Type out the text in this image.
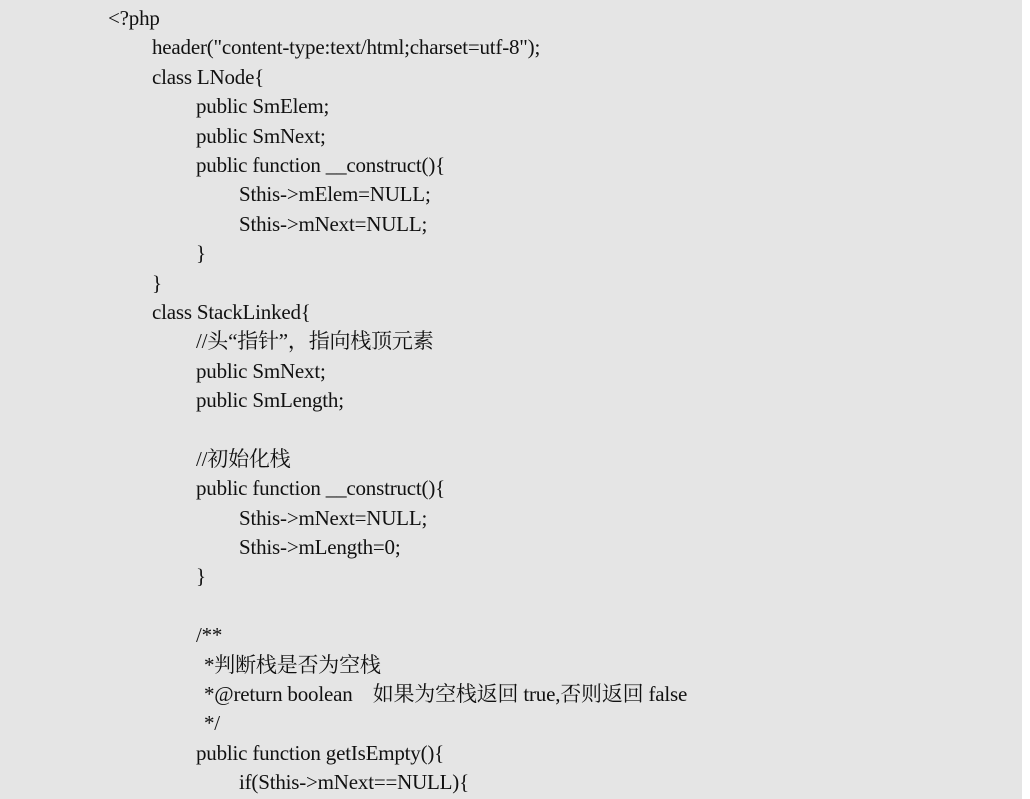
<?php
header("content-type:text/html;charset=utf-8");
class LNode{
public SmElem;
public SmNext;
public function __construct(){
Sthis->mElem=NULL;
Sthis->mNext=NULL;
}
}
class StackLinked{
//头“指针”，指向栈顶元素
public SmNext;
public SmLength;
//初始化栈
public function __construct(){
Sthis->mNext=NULL;
Sthis->mLength=0;
}
/**
*判断栈是否为空栈
*@return boolean    如果为空栈返回 true,否则返回 false
*/
public function getIsEmpty(){
if(Sthis->mNext==NULL){
